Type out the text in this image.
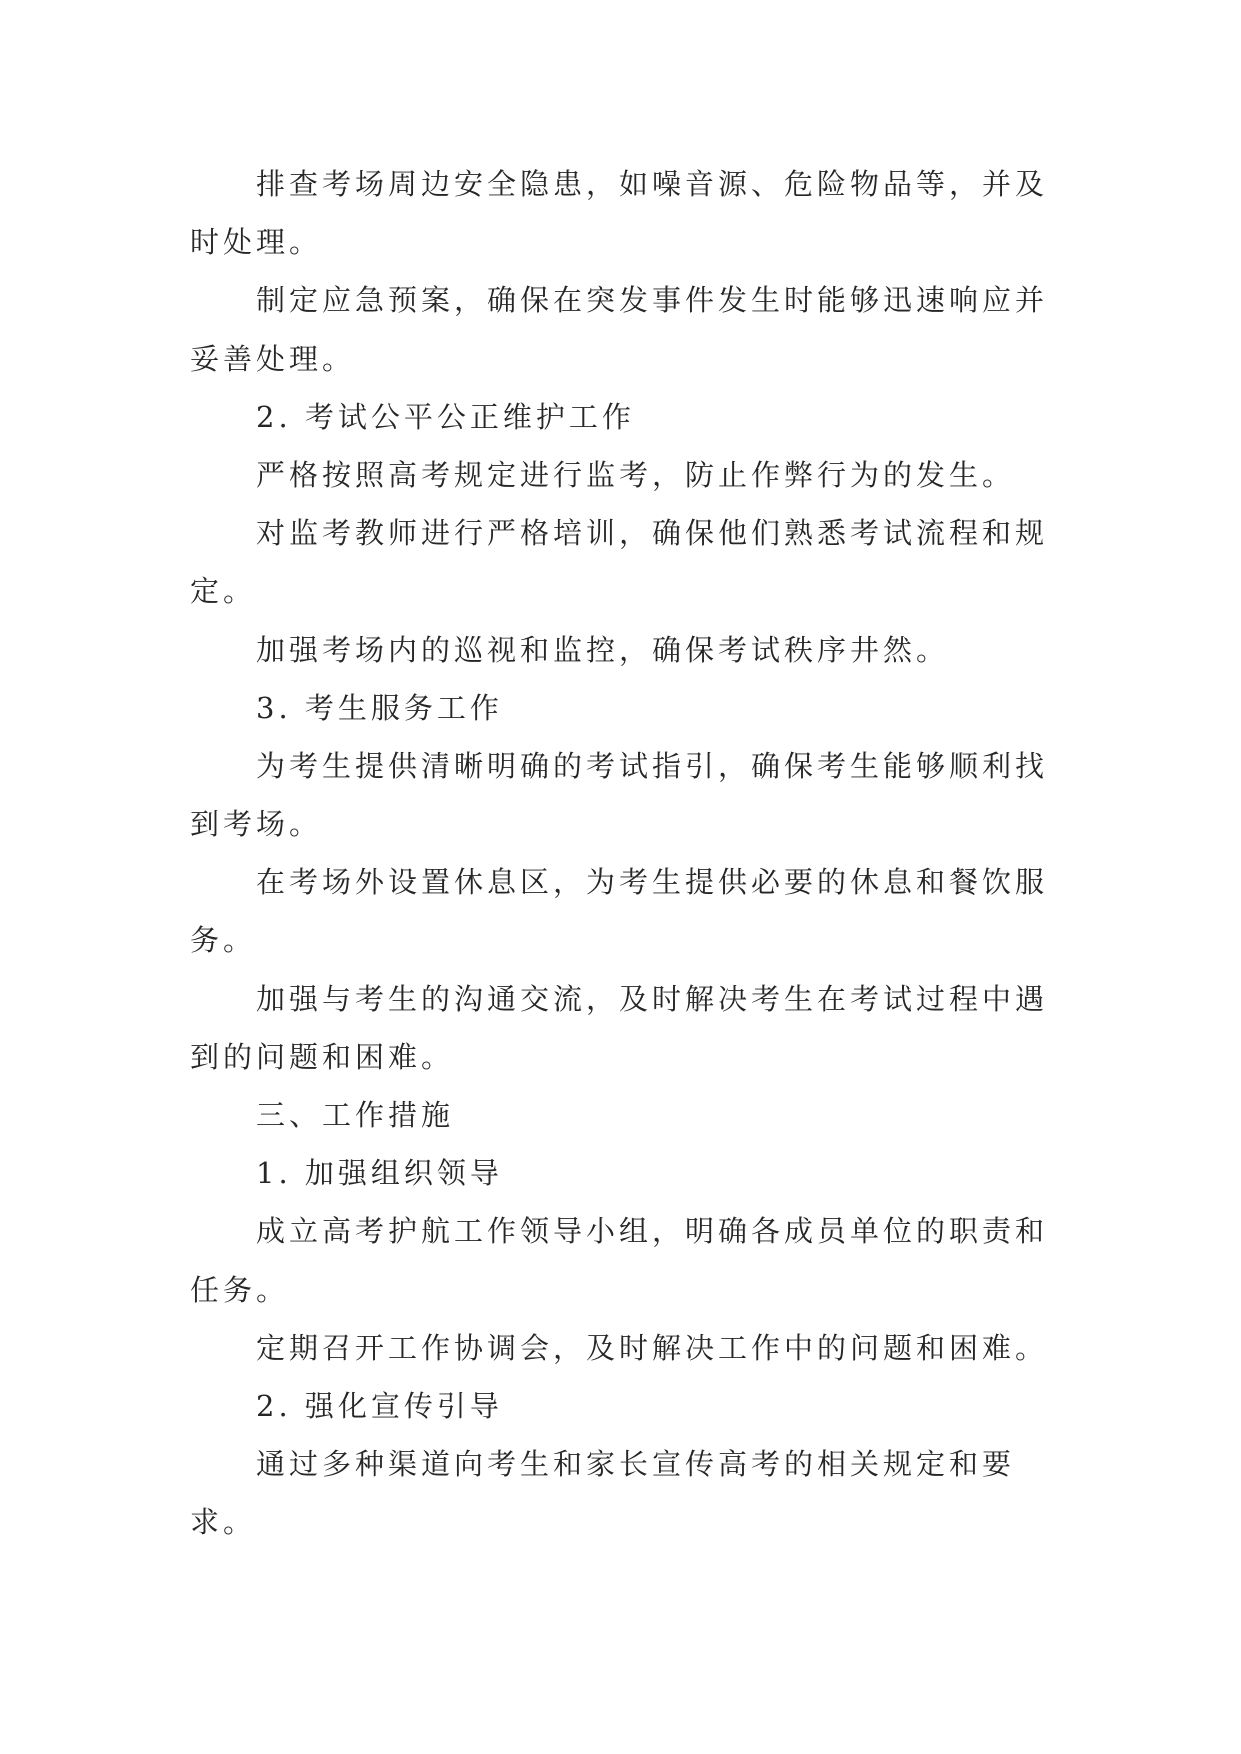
排查考场周边安全隐患，如噪音源、危险物品等，并及
时处理。
制定应急预案，确保在突发事件发生时能够迅速响应并
妥善处理。
2. 考试公平公正维护工作
严格按照高考规定进行监考，防止作弊行为的发生。
对监考教师进行严格培训，确保他们熟悉考试流程和规
定。
加强考场内的巡视和监控，确保考试秩序井然。
3. 考生服务工作
为考生提供清晰明确的考试指引，确保考生能够顺利找
到考场。
在考场外设置休息区，为考生提供必要的休息和餐饮服
务。
加强与考生的沟通交流，及时解决考生在考试过程中遇
到的问题和困难。
三、工作措施
1. 加强组织领导
成立高考护航工作领导小组，明确各成员单位的职责和
任务。
定期召开工作协调会，及时解决工作中的问题和困难。
2. 强化宣传引导
通过多种渠道向考生和家长宣传高考的相关规定和要
求。
